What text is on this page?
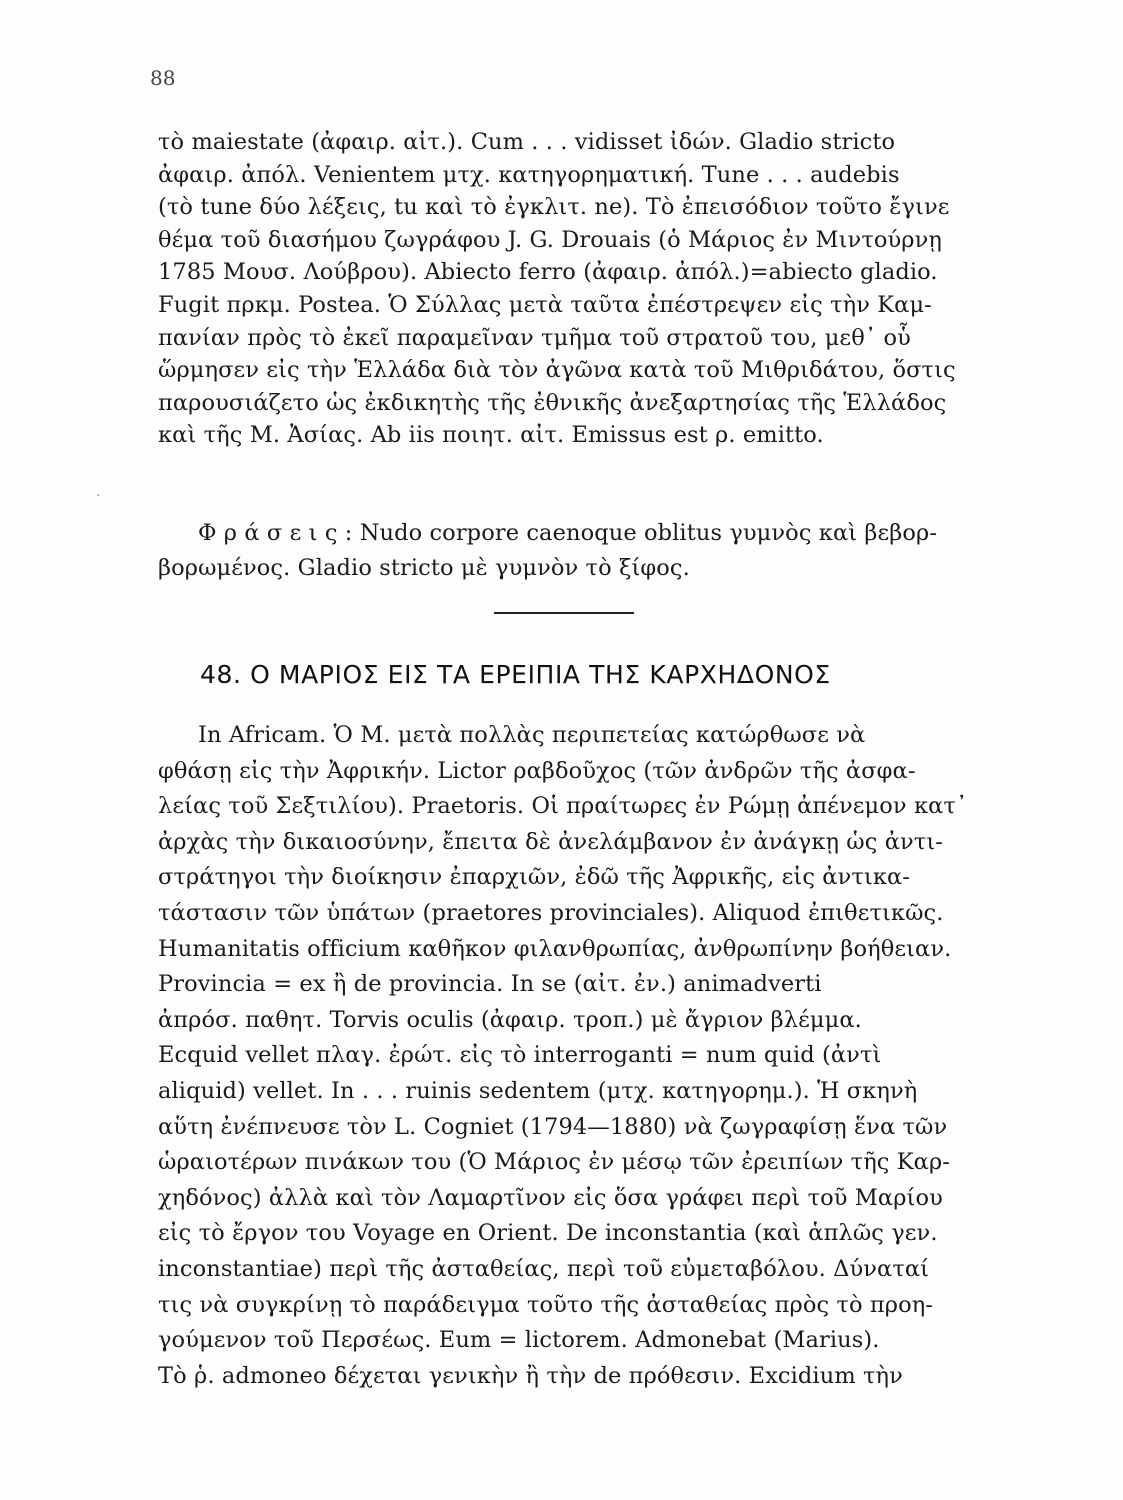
88
·
τὸ maiestate (ἀφαιρ. αἰτ.). Cum . . . vidisset ἰδών. Gladio stricto
ἀφαιρ. ἀπόλ. Venientem μτχ. κατηγορηματική. Tune . . . audebis
(τὸ tune δύο λέξεις, tu καὶ τὸ ἐγκλιτ. ne). Τὸ ἐπεισόδιον τοῦτο ἔγινε
θέμα τοῦ διασήμου ζωγράφου J. G. Drouais (ὁ Μάριος ἐν Μιντούρνῃ
1785 Μουσ. Λούβρου). Abiecto ferro (ἀφαιρ. ἀπόλ.)=abiecto gladio.
Fugit πρκμ. Postea. Ὁ Σύλλας μετὰ ταῦτα ἐπέστρεψεν εἰς τὴν Καμ-
πανίαν πρὸς τὸ ἐκεῖ παραμεῖναν τμῆμα τοῦ στρατοῦ του, μεθ᾽ οὗ
ὥρμησεν εἰς τὴν Ἑλλάδα διὰ τὸν ἀγῶνα κατὰ τοῦ Μιθριδάτου, ὅστις
παρουσιάζετο ὡς ἐκδικητὴς τῆς ἐθνικῆς ἀνεξαρτησίας τῆς Ἑλλάδος
καὶ τῆς Μ. Ἀσίας. Ab iis ποιητ. αἰτ. Emissus est ρ. emitto.
Φ ρ ά σ ε ι ς : Nudo corpore caenoque oblitus γυμνὸς καὶ βεβορ-
βορωμένος. Gladio stricto μὲ γυμνὸν τὸ ξίφος.
48. Ο ΜΑΡΙΟΣ ΕΙΣ ΤΑ ΕΡΕΙΠΙΑ ΤΗΣ ΚΑΡΧΗΔΟΝΟΣ
In Africam. Ὁ Μ. μετὰ πολλὰς περιπετείας κατώρθωσε νὰ
φθάσῃ εἰς τὴν Ἀφρικήν. Lictor ραβδοῦχος (τῶν ἀνδρῶν τῆς ἀσφα-
λείας τοῦ Σεξτιλίου). Praetoris. Οἱ πραίτωρες ἐν Ρώμῃ ἀπένεμον κατ᾽
ἀρχὰς τὴν δικαιοσύνην, ἔπειτα δὲ ἀνελάμβανον ἐν ἀνάγκῃ ὡς ἀντι-
στράτηγοι τὴν διοίκησιν ἐπαρχιῶν, ἐδῶ τῆς Ἀφρικῆς, εἰς ἀντικα-
τάστασιν τῶν ὑπάτων (praetores provinciales). Aliquod ἐπιθετικῶς.
Humanitatis officium καθῆκον φιλανθρωπίας, ἀνθρωπίνην βοήθειαν.
Provincia = ex ἢ de provincia. In se (αἰτ. ἐν.) animadverti
ἀπρόσ. παθητ. Torvis oculis (ἀφαιρ. τροπ.) μὲ ἄγριον βλέμμα.
Ecquid vellet πλαγ. ἐρώτ. εἰς τὸ interroganti = num quid (ἀντὶ
aliquid) vellet. In . . . ruinis sedentem (μτχ. κατηγορημ.). Ἡ σκηνὴ
αὕτη ἐνέπνευσε τὸν L. Cogniet (1794—1880) νὰ ζωγραφίσῃ ἕνα τῶν
ὡραιοτέρων πινάκων του (Ὁ Μάριος ἐν μέσῳ τῶν ἐρειπίων τῆς Καρ-
χηδόνος) ἀλλὰ καὶ τὸν Λαμαρτῖνον εἰς ὅσα γράφει περὶ τοῦ Μαρίου
εἰς τὸ ἔργον του Voyage en Orient. De inconstantia (καὶ ἁπλῶς γεν.
inconstantiae) περὶ τῆς ἀσταθείας, περὶ τοῦ εὐμεταβόλου. Δύναταί
τις νὰ συγκρίνῃ τὸ παράδειγμα τοῦτο τῆς ἀσταθείας πρὸς τὸ προη-
γούμενον τοῦ Περσέως. Eum = lictorem. Admonebat (Marius).
Τὸ ῥ. admoneo δέχεται γενικὴν ἢ τὴν de πρόθεσιν. Excidium τὴν
